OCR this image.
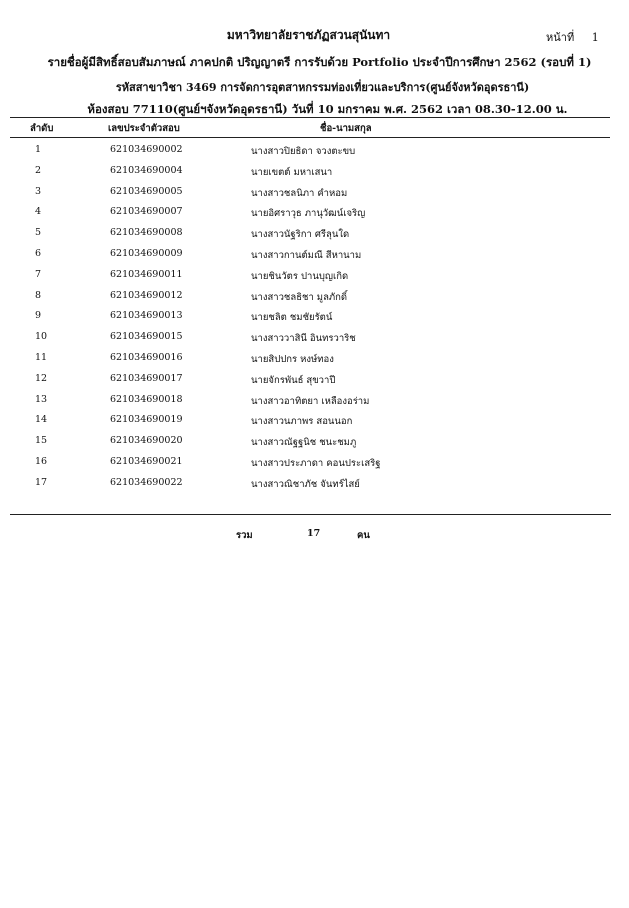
หน้าที่ 1
มหาวิทยาลัยราชภัฏสวนสุนันทา
รายชื่อผู้มีสิทธิ์สอบสัมภาษณ์ ภาคปกติ ปริญญาตรี การรับด้วย Portfolio ประจำปีการศึกษา 2562 (รอบที่ 1)
รหัสสาขาวิชา 3469 การจัดการอุตสาหกรรมท่องเที่ยวและบริการ(ศูนย์จังหวัดอุดรธานี)
ห้องสอบ 77110(ศูนย์ฯจังหวัดอุดรธานี) วันที่ 10 มกราคม พ.ศ. 2562 เวลา 08.30-12.00 น.
ลำดับ	เลขประจำตัวสอบ	ชื่อ-นามสกุล
1	621034690002	นางสาวปิยธิดา จวงตะขบ
2	621034690004	นายเขตต์ มหาเสนา
3	621034690005	นางสาวชลนิภา คำหอม
4	621034690007	นายอิศราวุธ ภานุวัฒน์เจริญ
5	621034690008	นางสาวนัฐริกา ศรีลุนใด
6	621034690009	นางสาวกานต์มณี สีหานาม
7	621034690011	นายชินวัตร ปานบุญเกิด
8	621034690012	นางสาวชลธิชา มูลภักดิ์
9	621034690013	นายชลิต ชมชัยรัตน์
10	621034690015	นางสาววาสินี อินทรวาริช
11	621034690016	นายสิปปกร หงษ์ทอง
12	621034690017	นายจักรพันธ์ สุขวาปี
13	621034690018	นางสาวอาทิตยา เหลืองอร่าม
14	621034690019	นางสาวนภาพร สอนนอก
15	621034690020	นางสาวณัฐฐนิช ชนะชมภู
16	621034690021	นางสาวประภาดา คอนประเสริฐ
17	621034690022	นางสาวณิชาภัช จันทร์ไสย์
รวม	17	คน
